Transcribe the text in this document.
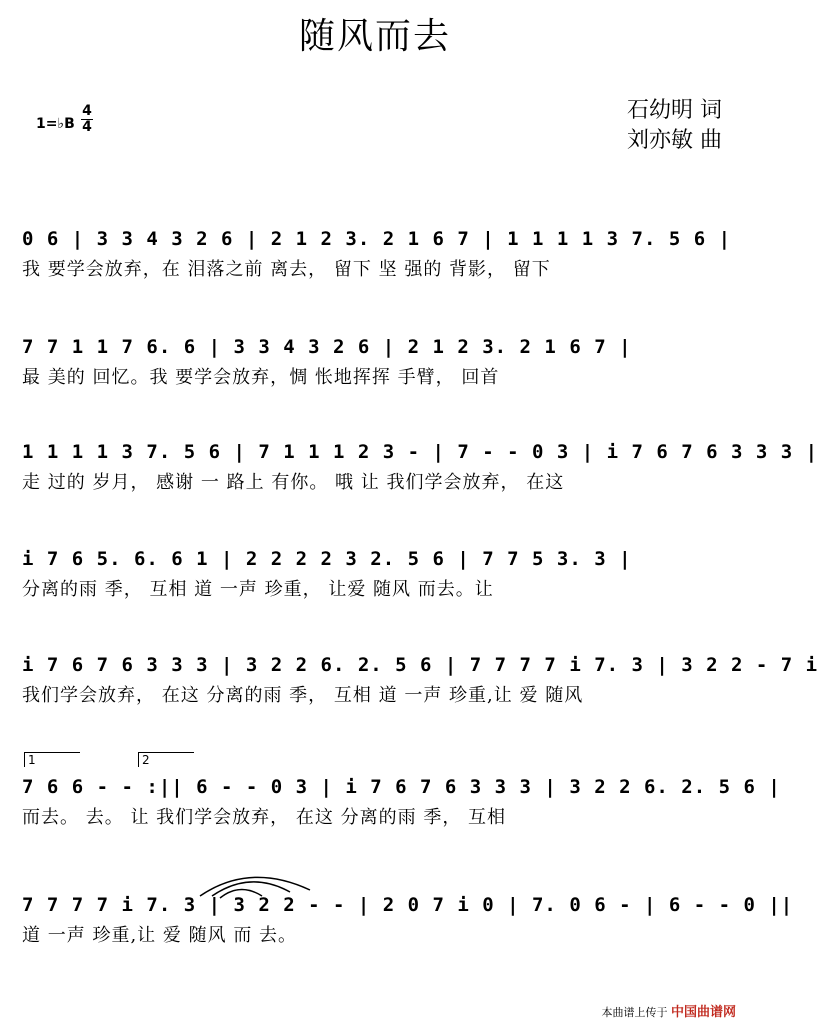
随风而去
1=♭B
4
4
石幼明 词
刘亦敏 曲
0 6 | 3 3 4 3 2 6 | 2 1 2 3. 2 1 6 7 | 1 1 1 1 3 7. 5 6 |
我 要学会放弃，在 泪落之前 离去， 留下 坚 强的 背影， 留下
7 7 1 1 7 6. 6 | 3 3 4 3 2 6 | 2 1 2 3. 2 1 6 7 |
最 美的 回忆。我 要学会放弃，惆 怅地挥挥 手臂， 回首
1 1 1 1 3 7. 5 6 | 7 1 1 1 2 3 - | 7 - - 0 3 | i 7 6 7 6 3 3 3 |
走 过的 岁月， 感谢 一 路上 有你。 哦 让 我们学会放弃， 在这
i 7 6 5. 6. 6 1 | 2 2 2 2 3 2. 5 6 | 7 7 5 3. 3 |
分离的雨 季， 互相 道 一声 珍重， 让爱 随风 而去。让
i 7 6 7 6 3 3 3 | 3 2 2 6. 2. 5 6 | 7 7 7 7 i 7. 3 | 3 2 2 - 7 i
我们学会放弃， 在这 分离的雨 季， 互相 道 一声 珍重,让 爱 随风
1	2
7 6 6 - - :|| 6 - - 0 3 | i 7 6 7 6 3 3 3 | 3 2 2 6. 2. 5 6 |
而去。 去。 让 我们学会放弃， 在这 分离的雨 季， 互相
7 7 7 7 i 7. 3 | 3 2 2 - - | 2 0 7 i 0 | 7. 0 6 - | 6 - - 0 ||
道 一声 珍重,让 爱 随风 而 去。
本曲谱上传于 中国曲谱网
